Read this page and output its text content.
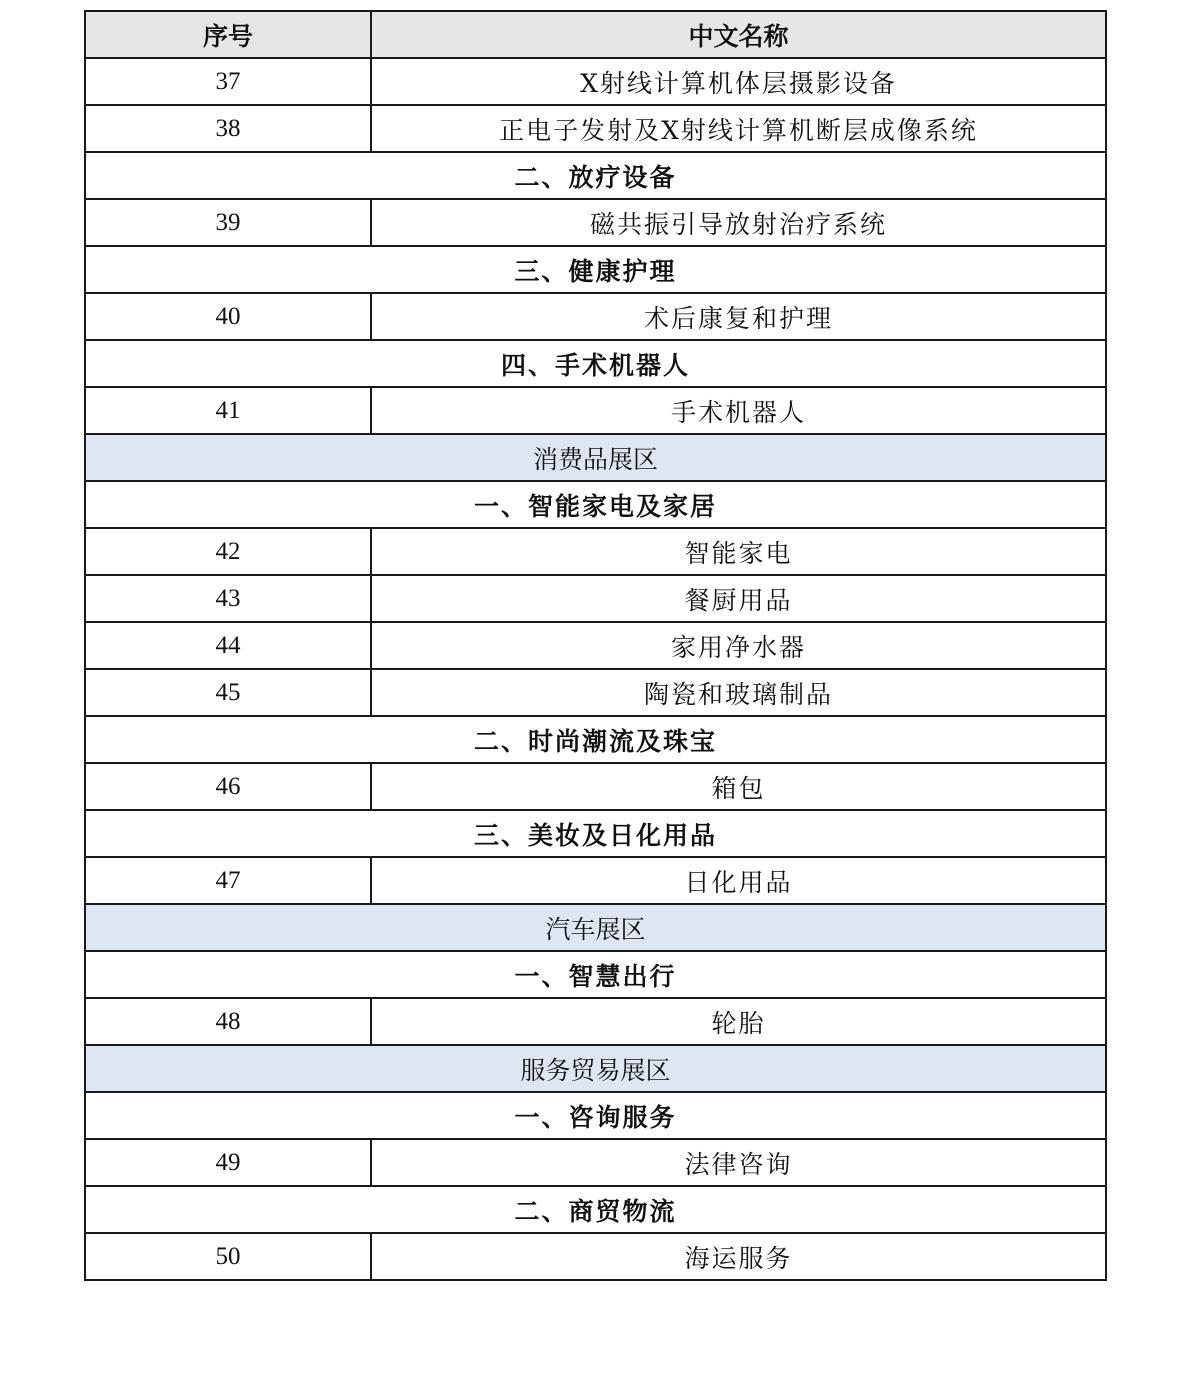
序号	中文名称
37	X射线计算机体层摄影设备
38	正电子发射及X射线计算机断层成像系统
二、放疗设备	
39	磁共振引导放射治疗系统
三、健康护理	
40	术后康复和护理
四、手术机器人	
41	手术机器人
消费品展区	
一、智能家电及家居	
42	智能家电
43	餐厨用品
44	家用净水器
45	陶瓷和玻璃制品
二、时尚潮流及珠宝	
46	箱包
三、美妆及日化用品	
47	日化用品
汽车展区	
一、智慧出行	
48	轮胎
服务贸易展区	
一、咨询服务	
49	法律咨询
二、商贸物流	
50	海运服务
